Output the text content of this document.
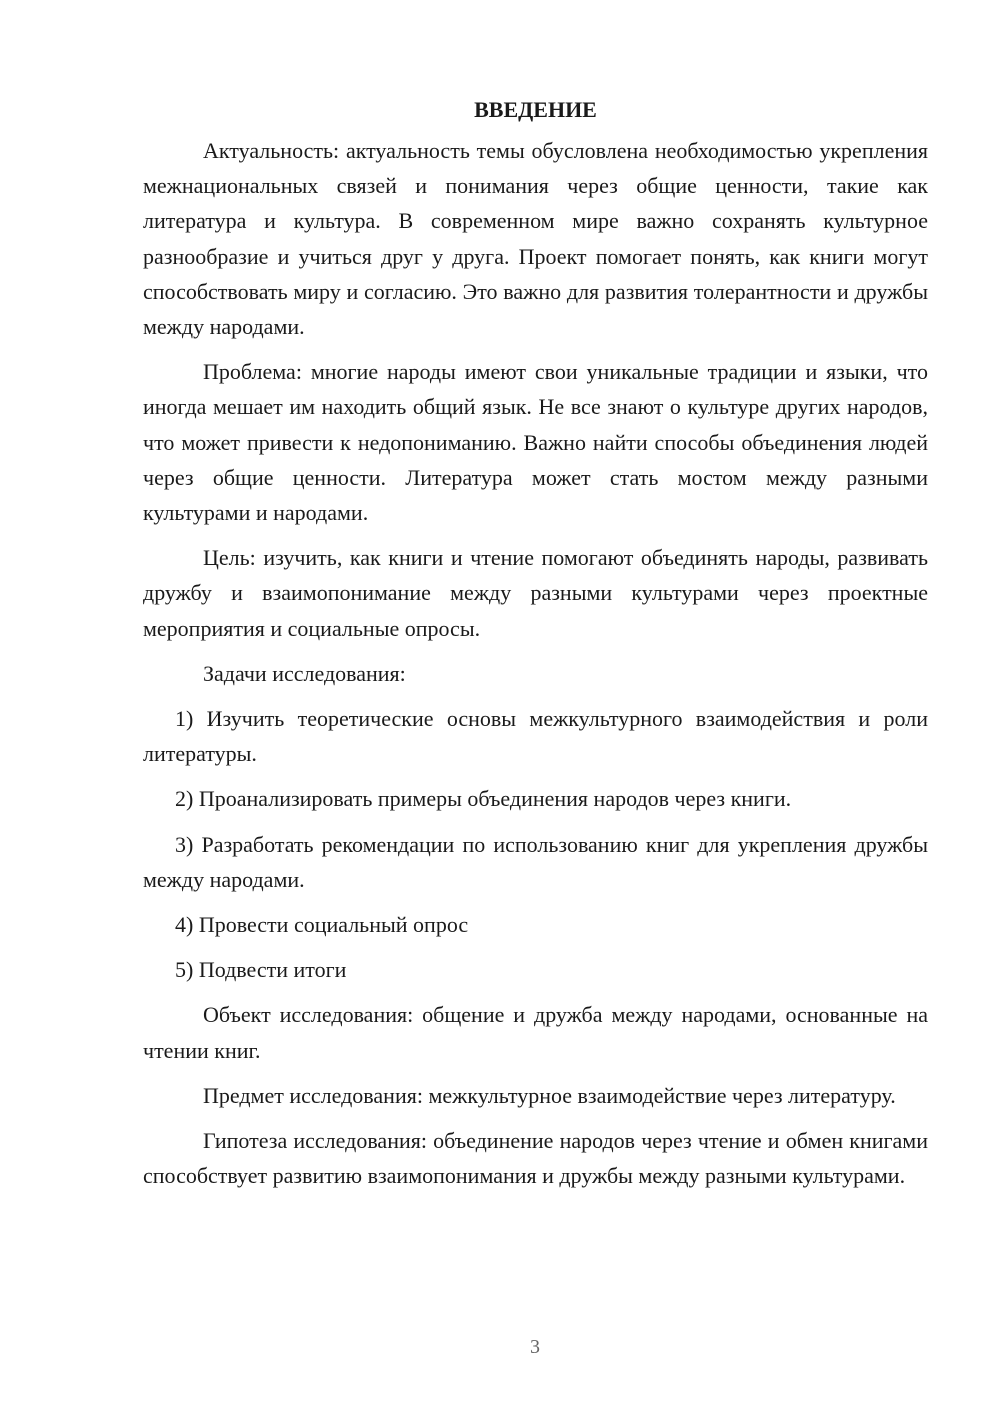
ВВЕДЕНИЕ

Актуальность: актуальность темы обусловлена необходимостью укрепления межнациональных связей и понимания через общие ценности, такие как литература и культура. В современном мире важно сохранять культурное разнообразие и учиться друг у друга. Проект помогает понять, как книги могут способствовать миру и согласию. Это важно для развития толерантности и дружбы между народами.

Проблема: многие народы имеют свои уникальные традиции и языки, что иногда мешает им находить общий язык. Не все знают о культуре других народов, что может привести к недопониманию. Важно найти способы объединения людей через общие ценности. Литература может стать мостом между разными культурами и народами.

Цель: изучить, как книги и чтение помогают объединять народы, развивать дружбу и взаимопонимание между разными культурами через проектные мероприятия и социальные опросы.

Задачи исследования:

1) Изучить теоретические основы межкультурного взаимодействия и роли литературы.

2) Проанализировать примеры объединения народов через книги.

3) Разработать рекомендации по использованию книг для укрепления дружбы между народами.

4) Провести социальный опрос

5) Подвести итоги

Объект исследования: общение и дружба между народами, основанные на чтении книг.

Предмет исследования: межкультурное взаимодействие через литературу.

Гипотеза исследования: объединение народов через чтение и обмен книгами способствует развитию взаимопонимания и дружбы между разными культурами.

3
